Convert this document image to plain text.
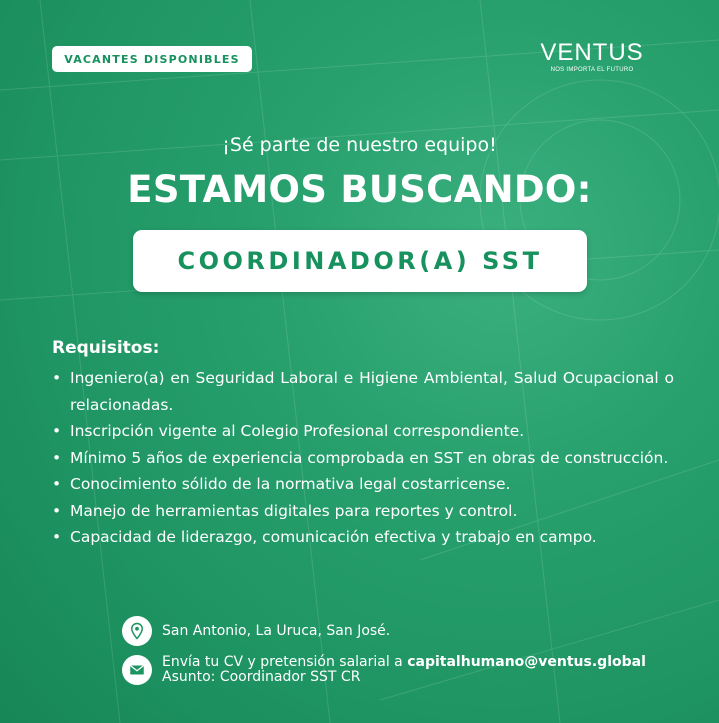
VACANTES DISPONIBLES	VENTUS
NOS IMPORTA EL FUTURO
¡Sé parte de nuestro equipo!
ESTAMOS BUSCANDO:
COORDINADOR(A) SST
Requisitos:
• Ingeniero(a) en Seguridad Laboral e Higiene Ambiental, Salud Ocupacional o relacionadas.
• Inscripción vigente al Colegio Profesional correspondiente.
• Mínimo 5 años de experiencia comprobada en SST en obras de construcción.
• Conocimiento sólido de la normativa legal costarricense.
• Manejo de herramientas digitales para reportes y control.
• Capacidad de liderazgo, comunicación efectiva y trabajo en campo.
San Antonio, La Uruca, San José.
Envía tu CV y pretensión salarial a capitalhumano@ventus.global
Asunto: Coordinador SST CR
